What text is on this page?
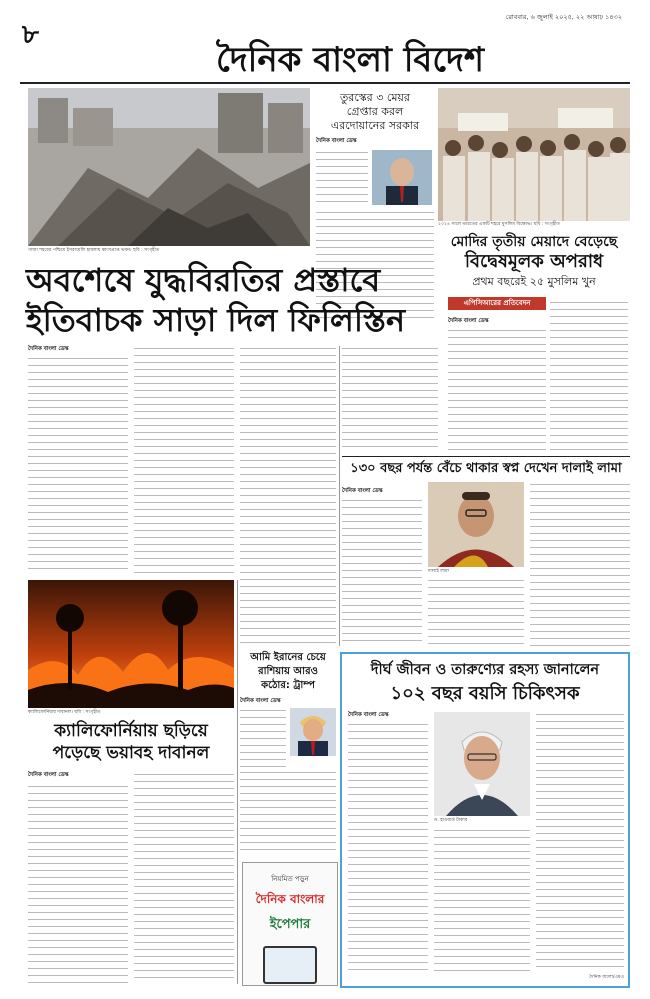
৮
রোববার, ৬ জুলাই ২০২৫, ২২ আষাঢ় ১৪৩২
দৈনিক বাংলা বিদেশ
গাজা শহরের পশ্চিমে ইসরায়েলি হামলায় ধ্বংসপ্রাপ্ত ভবন। ছবি : সংগৃহীত
তুরস্কের ৩ মেয়র
গ্রেপ্তার করল
এরদোয়ানের সরকার
দৈনিক বাংলা ডেস্ক
২০২৪ সালে ভারতের একটি শহরে মুসলিম বিক্ষোভ। ছবি : সংগৃহীত
মোদির তৃতীয় মেয়াদে বেড়েছে
বিদ্বেষমূলক অপরাধ
প্রথম বছরেই ২৫ মুসলিম খুন
অবশেষে যুদ্ধবিরতির প্রস্তাবে
ইতিবাচক সাড়া দিল ফিলিস্তিন	এপিসিআরের প্রতিবেদন
দৈনিক বাংলা ডেস্ক
দৈনিক বাংলা ডেস্ক
১৩০ বছর পর্যন্ত বেঁচে থাকার স্বপ্ন দেখেন দালাই লামা
দৈনিক বাংলা ডেস্ক
দালাই লামা
ক্যালিফোর্নিয়ায় দাবানল। ছবি : সংগৃহীত
ক্যালিফোর্নিয়ায় ছড়িয়ে
পড়েছে ভয়াবহ দাবানল
দৈনিক বাংলা ডেস্ক
আমি ইরানের চেয়ে
রাশিয়ায় আরও
কঠোর: ট্রাম্প
দৈনিক বাংলা ডেস্ক
নিয়মিত পড়ুন
দৈনিক বাংলার
ইপেপার
দীর্ঘ জীবন ও তারুণ্যের রহস্য জানালেন
১০২ বছর বয়সি চিকিৎসক
দৈনিক বাংলা ডেস্ক
ড. হাওয়ার্ড টাকার
দৈনিক বাংলা/এমএ
